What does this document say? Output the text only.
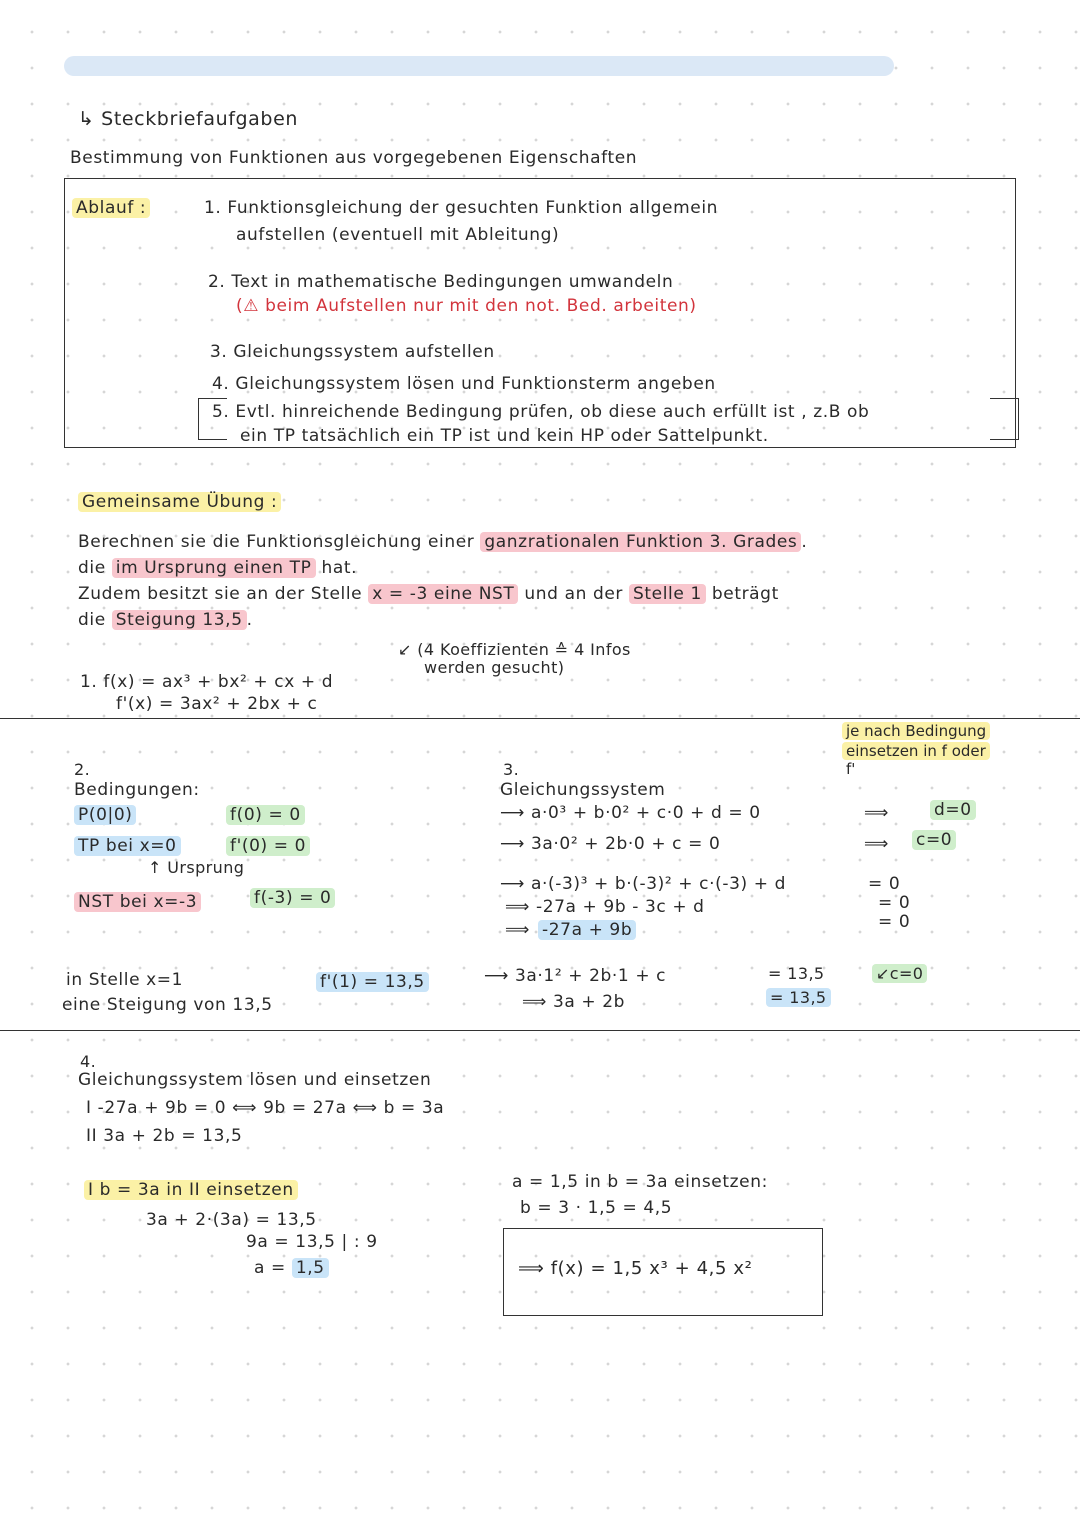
↳ Steckbriefaufgaben
Bestimmung von Funktionen aus vorgegebenen Eigenschaften
Ablauf :	1. Funktionsgleichung der gesuchten Funktion allgemein
aufstellen (eventuell mit Ableitung)
2. Text in mathematische Bedingungen umwandeln
(⚠ beim Aufstellen nur mit den not. Bed. arbeiten)
3. Gleichungssystem aufstellen
4. Gleichungssystem lösen und Funktionsterm angeben
5. Evtl. hinreichende Bedingung prüfen, ob diese auch erfüllt ist , z.B ob
ein TP tatsächlich ein TP ist und kein HP oder Sattelpunkt.
Gemeinsame Übung :
Berechnen sie die Funktionsgleichung einer ganzrationalen Funktion 3. Grades .
die im Ursprung einen TP hat.
Zudem besitzt sie an der Stelle x = -3 eine NST und an der Stelle 1 beträgt
die Steigung 13,5 .
↙ (4 Koeffizienten ≙ 4 Infos
werden gesucht)
1. f(x) = ax³ + bx² + cx + d
f'(x) = 3ax² + 2bx + c
je nach Bedingung
einsetzen in f oder
f'
2.
Bedingungen:
P(0|0)	f(0) = 0
TP bei x=0	f'(0) = 0
↑ Ursprung
NST bei x=-3	f(-3) = 0
in Stelle x=1
eine Steigung von 13,5
f'(1) = 13,5
3.
Gleichungssystem
⟶ a·0³ + b·0² + c·0 + d = 0	⟹	d=0
⟶ 3a·0² + 2b·0 + c = 0	⟹ c=0
⟶ a·(-3)³ + b·(-3)² + c·(-3) + d	= 0
⟹ -27a + 9b - 3c + d	= 0
⟹ -27a + 9b	= 0
⟶ 3a·1² + 2b·1 + c	= 13,5	↙c=0
⟹ 3a + 2b	= 13,5
4.
Gleichungssystem lösen und einsetzen
I -27a + 9b = 0 ⟺ 9b = 27a ⟺ b = 3a
II 3a + 2b = 13,5
I b = 3a in II einsetzen
3a + 2·(3a) = 13,5
9a = 13,5 | : 9
a = 1,5
a = 1,5 in b = 3a einsetzen:
b = 3 · 1,5 = 4,5
⟹ f(x) = 1,5 x³ + 4,5 x²
